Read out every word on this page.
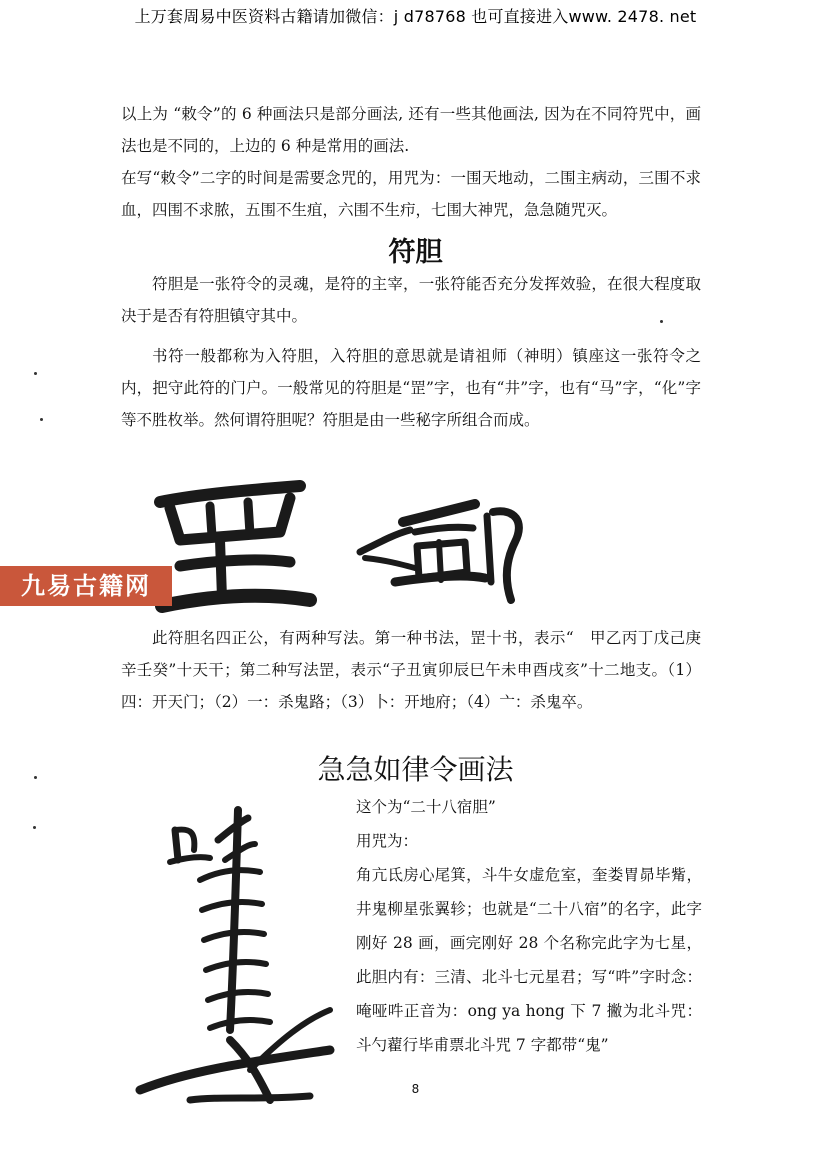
上万套周易中医资料古籍请加微信：j d78768 也可直接进入www. 2478. net

以上为 “敕令”的 6 种画法只是部分画法, 还有一些其他画法, 因为在不同符咒中，画法也是不同的，上边的 6 种是常用的画法.

在写“敕令”二字的时间是需要念咒的，用咒为：一围天地动，二围主病动，三围不求血，四围不求脓，五围不生疽，六围不生疖，七围大神咒，急急随咒灭。

符胆

符胆是一张符令的灵魂，是符的主宰，一张符能否充分发挥效验，在很大程度取决于是否有符胆镇守其中。

书符一般都称为入符胆，入符胆的意思就是请祖师（神明）镇座这一张符令之内，把守此符的门户。一般常见的符胆是“罡”字，也有“井”字，也有“马”字，“化”字等不胜枚举。然何谓符胆呢？符胆是由一些秘字所组合而成。

九易古籍网

此符胆名四正公，有两种写法。第一种书法，罡十书，表示“　甲乙丙丁戊己庚辛壬癸”十天干；第二种写法罡，表示“子丑寅卯辰巳午未申酉戌亥”十二地支。（1）四：开天门；（2）一：杀鬼路；（3）卜：开地府；（4）亠：杀鬼卒。

急急如律令画法

这个为“二十八宿胆”

用咒为：

角亢氐房心尾箕，斗牛女虚危室，奎娄胃昴毕觜，井鬼柳星张翼轸；也就是“二十八宿”的名字，此字刚好 28 画，画完刚好 28 个名称完此字为七星，此胆内有：三清、北斗七元星君；写“吽”字时念：唵哑吽正音为：ong ya hong 下 7 撇为北斗咒：斗勺藋行毕甫票北斗咒 7 字都带“鬼”

8
